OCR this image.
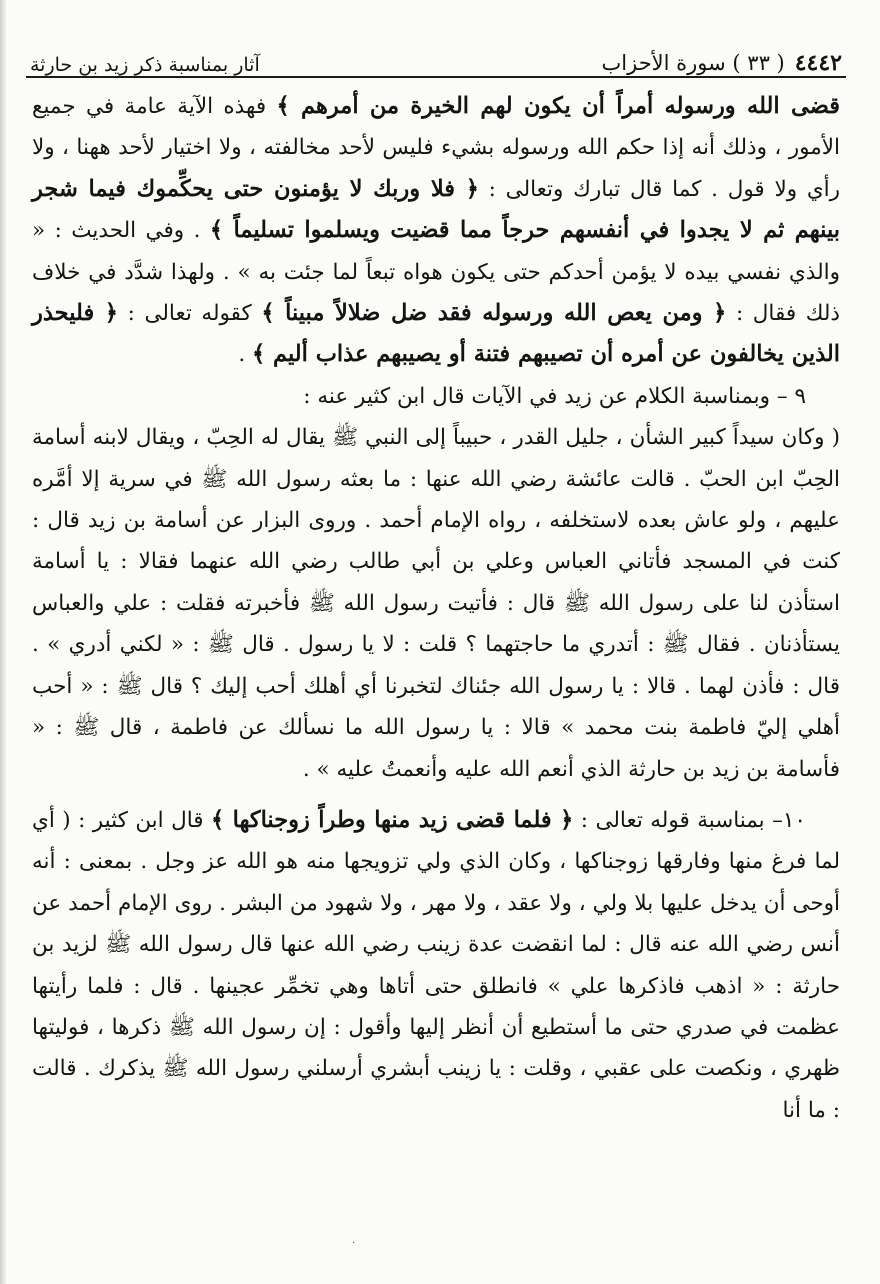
٤٤٤٢
( ٣٣ ) سورة الأحزاب
آثار بمناسبة ذكر زيد بن حارثة

قضى الله ورسوله أمراً أن يكون لهم الخيرة من أمرهم ﴾ فهذه الآية عامة في جميع الأمور ، وذلك أنه إذا حكم الله ورسوله بشيء فليس لأحد مخالفته ، ولا اختيار لأحد ههنا ، ولا رأي ولا قول . كما قال تبارك وتعالى : ﴿ فلا وربك لا يؤمنون حتى يحكِّموك فيما شجر بينهم ثم لا يجدوا في أنفسهم حرجاً مما قضيت ويسلموا تسليماً ﴾ . وفي الحديث : « والذي نفسي بيده لا يؤمن أحدكم حتى يكون هواه تبعاً لما جئت به » . ولهذا شدَّد في خلاف ذلك فقال : ﴿ ومن يعص الله ورسوله فقد ضل ضلالاً مبيناً ﴾ كقوله تعالى : ﴿ فليحذر الذين يخالفون عن أمره أن تصيبهم فتنة أو يصيبهم عذاب أليم ﴾ .

٩ – وبمناسبة الكلام عن زيد في الآيات قال ابن كثير عنه :

( وكان سيداً كبير الشأن ، جليل القدر ، حبيباً إلى النبي ﷺ يقال له الحِبّ ، ويقال لابنه أسامة الحِبّ ابن الحبّ . قالت عائشة رضي الله عنها : ما بعثه رسول الله ﷺ في سرية إلا أمَّره عليهم ، ولو عاش بعده لاستخلفه ، رواه الإمام أحمد . وروى البزار عن أسامة بن زيد قال : كنت في المسجد فأتاني العباس وعلي بن أبي طالب رضي الله عنهما فقالا : يا أسامة استأذن لنا على رسول الله ﷺ قال : فأتيت رسول الله ﷺ فأخبرته فقلت : علي والعباس يستأذنان . فقال ﷺ : أتدري ما حاجتهما ؟ قلت : لا يا رسول . قال ﷺ : « لكني أدري » . قال : فأذن لهما . قالا : يا رسول الله جئناك لتخبرنا أي أهلك أحب إليك ؟ قال ﷺ : « أحب أهلي إليّ فاطمة بنت محمد » قالا : يا رسول الله ما نسألك عن فاطمة ، قال ﷺ : « فأسامة بن زيد بن حارثة الذي أنعم الله عليه وأنعمتُ عليه » .

١٠– بمناسبة قوله تعالى : ﴿ فلما قضى زيد منها وطراً زوجناكها ﴾ قال ابن كثير : ( أي لما فرغ منها وفارقها زوجناكها ، وكان الذي ولي تزويجها منه هو الله عز وجل . بمعنى : أنه أوحى أن يدخل عليها بلا ولي ، ولا عقد ، ولا مهر ، ولا شهود من البشر . روى الإمام أحمد عن أنس رضي الله عنه قال : لما انقضت عدة زينب رضي الله عنها قال رسول الله ﷺ لزيد بن حارثة : « اذهب فاذكرها علي » فانطلق حتى أتاها وهي تخمِّر عجينها . قال : فلما رأيتها عظمت في صدري حتى ما أستطيع أن أنظر إليها وأقول : إن رسول الله ﷺ ذكرها ، فوليتها ظهري ، ونكصت على عقبي ، وقلت : يا زينب أبشري أرسلني رسول الله ﷺ يذكرك . قالت : ما أنا

·
